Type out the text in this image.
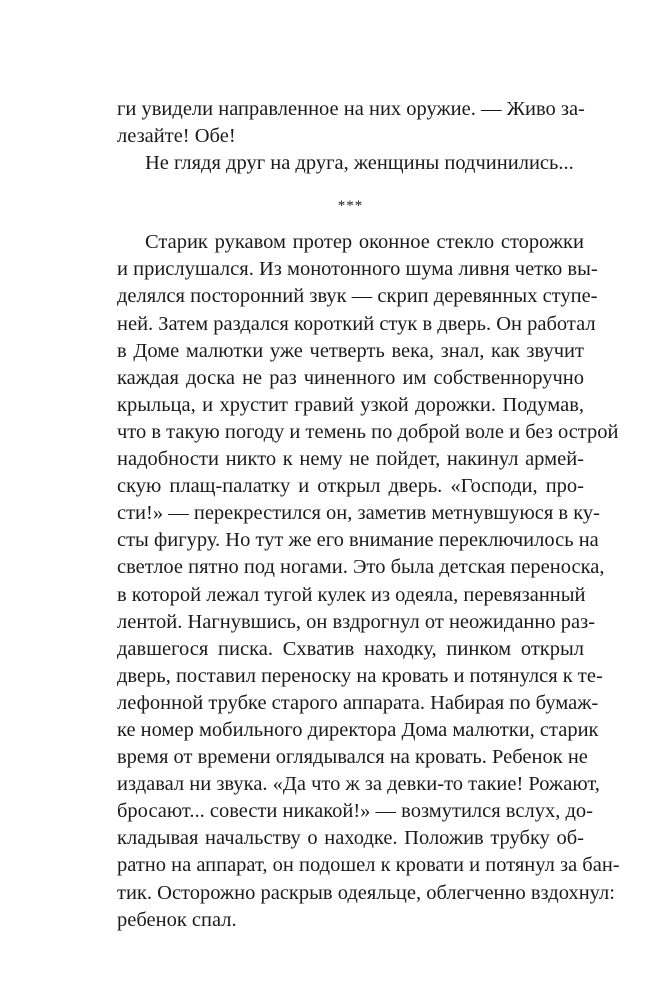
ги увидели направленное на них оружие. — Живо за-
лезайте! Обе!
Не глядя друг на друга, женщины подчинились...
***
Старик рукавом протер оконное стекло сторожки
и прислушался. Из монотонного шума ливня четко вы-
делялся посторонний звук — скрип деревянных ступе-
ней. Затем раздался короткий стук в дверь. Он работал
в Доме малютки уже четверть века, знал, как звучит
каждая доска не раз чиненного им собственноручно
крыльца, и хрустит гравий узкой дорожки. Подумав,
что в такую погоду и темень по доброй воле и без острой
надобности никто к нему не пойдет, накинул армей-
скую плащ-палатку и открыл дверь. «Господи, про-
сти!» — перекрестился он, заметив метнувшуюся в ку-
сты фигуру. Но тут же его внимание переключилось на
светлое пятно под ногами. Это была детская переноска,
в которой лежал тугой кулек из одеяла, перевязанный
лентой. Нагнувшись, он вздрогнул от неожиданно раз-
давшегося писка. Схватив находку, пинком открыл
дверь, поставил переноску на кровать и потянулся к те-
лефонной трубке старого аппарата. Набирая по бумаж-
ке номер мобильного директора Дома малютки, старик
время от времени оглядывался на кровать. Ребенок не
издавал ни звука. «Да что ж за девки-то такие! Рожают,
бросают... совести никакой!» — возмутился вслух, до-
кладывая начальству о находке. Положив трубку об-
ратно на аппарат, он подошел к кровати и потянул за бан-
тик. Осторожно раскрыв одеяльце, облегченно вздохнул:
ребенок спал.
